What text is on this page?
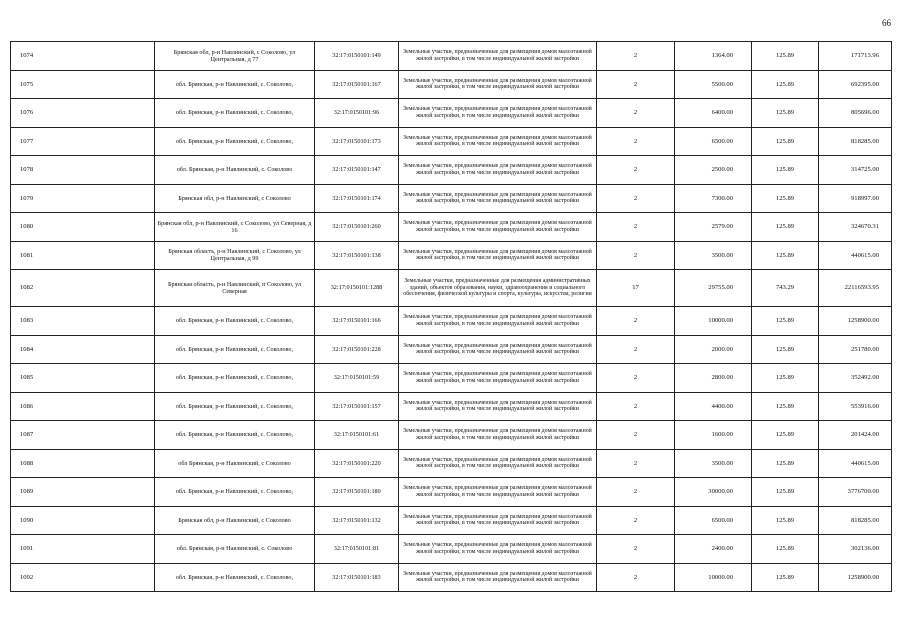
66
1074	Брянская обл, р-н Навлинский, с Соколово, ул Центральная, д 77	32:17:0150101:149	Земельные участки, предназначенные для размещения домов малоэтажной жилой застройки, в том числе индивидуальной жилой застройки	2	1364.00	125.89	171713.96
1075	обл. Брянская, р-н Навлинский, с. Соколово,	32:17:0150101:167	Земельные участки, предназначенные для размещения домов малоэтажной жилой застройки, в том числе индивидуальной жилой застройки	2	5500.00	125.89	692395.00
1076	обл. Брянская, р-н Навлинский, с. Соколово,	32:17:0150101:96	Земельные участки, предназначенные для размещения домов малоэтажной жилой застройки, в том числе индивидуальной жилой застройки	2	6400.00	125.89	805696.00
1077	обл. Брянская, р-н Навлинский, с. Соколово,	32:17:0150101:173	Земельные участки, предназначенные для размещения домов малоэтажной жилой застройки, в том числе индивидуальной жилой застройки	2	6500.00	125.89	818285.00
1078	обл. Брянская, р-н Навлинский, с. Соколово	32:17:0150101:147	Земельные участки, предназначенные для размещения домов малоэтажной жилой застройки, в том числе индивидуальной жилой застройки	2	2500.00	125.89	314725.00
1079	Брянская обл, р-н Навлинский, с Соколово	32:17:0150101:174	Земельные участки, предназначенные для размещения домов малоэтажной жилой застройки, в том числе индивидуальной жилой застройки	2	7300.00	125.89	918997.00
1080	Брянская обл, р-н Навлинский, с Соколово, ул Северная, д 16	32:17:0150101:260	Земельные участки, предназначенные для размещения домов малоэтажной жилой застройки, в том числе индивидуальной жилой застройки	2	2579.00	125.89	324670.31
1081	Брянская область, р-н Навлинский, с Соколово, ул Центральная, д 99	32:17:0150101:138	Земельные участки, предназначенные для размещения домов малоэтажной жилой застройки, в том числе индивидуальной жилой застройки	2	3500.00	125.89	440615.00
1082	Брянская область, р-н Навлинский, п Соколово, ул Северная	32:17:0150101:1288	Земельные участки, предназначенные для размещения административных зданий, объектов образования, науки, здравоохранения и социального обеспечения, физической культуры и спорта, культуры, искусства, религии	17	29755.00	743.29	22116593.95
1083	обл. Брянская, р-н Навлинский, с. Соколово,	32:17:0150101:166	Земельные участки, предназначенные для размещения домов малоэтажной жилой застройки, в том числе индивидуальной жилой застройки	2	10000.00	125.89	1258900.00
1084	обл. Брянская, р-н Навлинский, с. Соколово,	32:17:0150101:228	Земельные участки, предназначенные для размещения домов малоэтажной жилой застройки, в том числе индивидуальной жилой застройки	2	2000.00	125.89	251780.00
1085	обл. Брянская, р-н Навлинский, с. Соколово,	32:17:0150101:59	Земельные участки, предназначенные для размещения домов малоэтажной жилой застройки, в том числе индивидуальной жилой застройки	2	2800.00	125.89	352492.00
1086	обл. Брянская, р-н Навлинский, с. Соколово,	32:17:0150101:157	Земельные участки, предназначенные для размещения домов малоэтажной жилой застройки, в том числе индивидуальной жилой застройки	2	4400.00	125.89	553916.00
1087	обл. Брянская, р-н Навлинский, с. Соколово,	32:17:0150101:61	Земельные участки, предназначенные для размещения домов малоэтажной жилой застройки, в том числе индивидуальной жилой застройки	2	1600.00	125.89	201424.00
1088	обл Брянская, р-н Навлинский, с Соколово	32:17:0150101:220	Земельные участки, предназначенные для размещения домов малоэтажной жилой застройки, в том числе индивидуальной жилой застройки	2	3500.00	125.89	440615.00
1089	обл. Брянская, р-н Навлинский, с. Соколово,	32:17:0150101:180	Земельные участки, предназначенные для размещения домов малоэтажной жилой застройки, в том числе индивидуальной жилой застройки	2	30000.00	125.89	3776700.00
1090	Брянская обл, р-н Навлинский, с Соколово	32:17:0150101:132	Земельные участки, предназначенные для размещения домов малоэтажной жилой застройки, в том числе индивидуальной жилой застройки	2	6500.00	125.89	818285.00
1091	обл. Брянская, р-н Навлинский, с. Соколово	32:17:0150101:81	Земельные участки, предназначенные для размещения домов малоэтажной жилой застройки, в том числе индивидуальной жилой застройки	2	2400.00	125.89	302136.00
1092	обл. Брянская, р-н Навлинский, с. Соколово,	32:17:0150101:183	Земельные участки, предназначенные для размещения домов малоэтажной жилой застройки, в том числе индивидуальной жилой застройки	2	10000.00	125.89	1258900.00
